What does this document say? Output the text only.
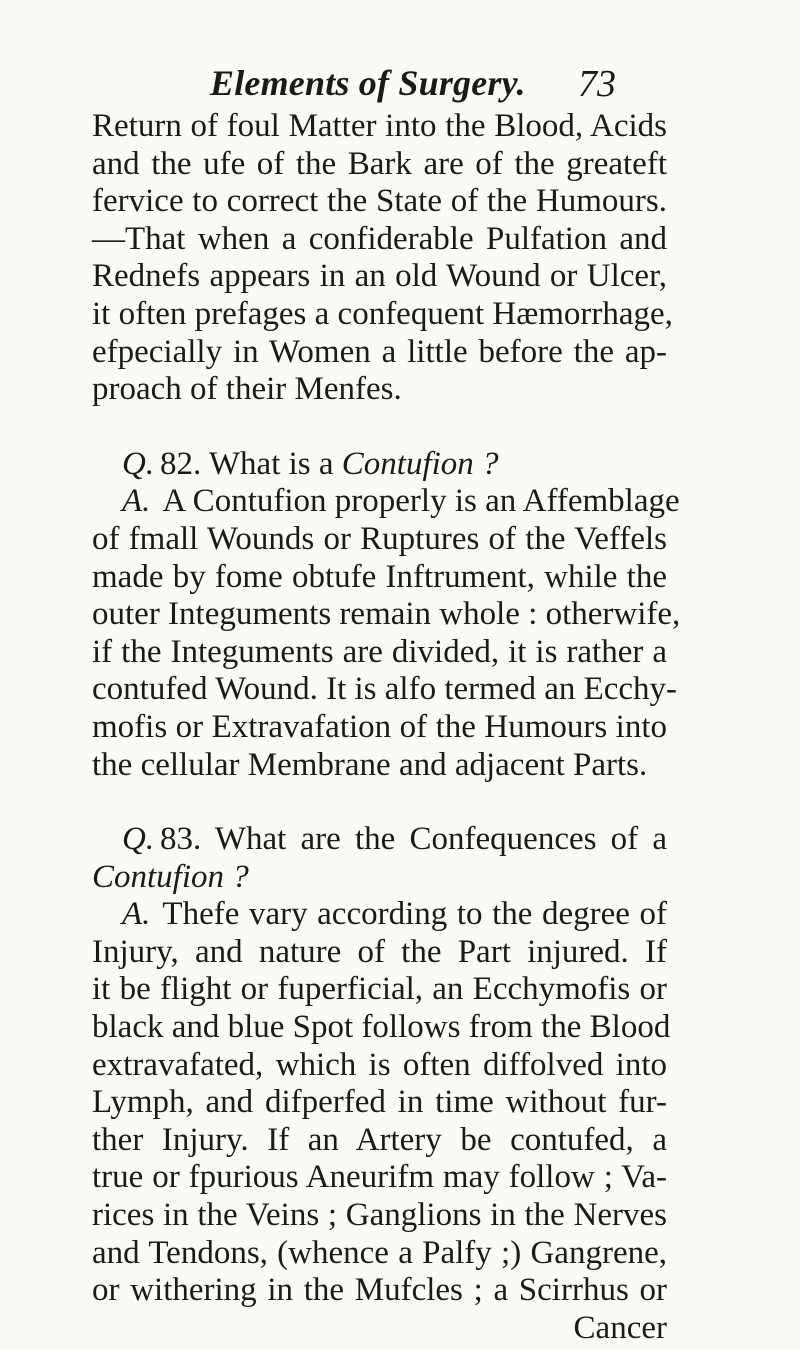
Elements of Surgery. 73
Return of foul Matter into the Blood, Acids
and the ufe of the Bark are of the greateft
fervice to correct the State of the Humours.
—That when a confiderable Pulfation and
Rednefs appears in an old Wound or Ulcer,
it often prefages a confequent Hæmorrhage,
efpecially in Women a little before the ap-
proach of their Menfes.
Q. 82. What is a Contufion ?
A. A Contufion properly is an Affemblage
of fmall Wounds or Ruptures of the Veffels
made by fome obtufe Inftrument, while the
outer Integuments remain whole : otherwife,
if the Integuments are divided, it is rather a
contufed Wound. It is alfo termed an Ecchy-
mofis or Extravafation of the Humours into
the cellular Membrane and adjacent Parts.
Q. 83. What are the Confequences of a
Contufion ?
A. Thefe vary according to the degree of
Injury, and nature of the Part injured. If
it be flight or fuperficial, an Ecchymofis or
black and blue Spot follows from the Blood
extravafated, which is often diffolved into
Lymph, and difperfed in time without fur-
ther Injury. If an Artery be contufed, a
true or fpurious Aneurifm may follow ; Va-
rices in the Veins ; Ganglions in the Nerves
and Tendons, (whence a Palfy ;) Gangrene,
or withering in the Mufcles ; a Scirrhus or
Cancer
